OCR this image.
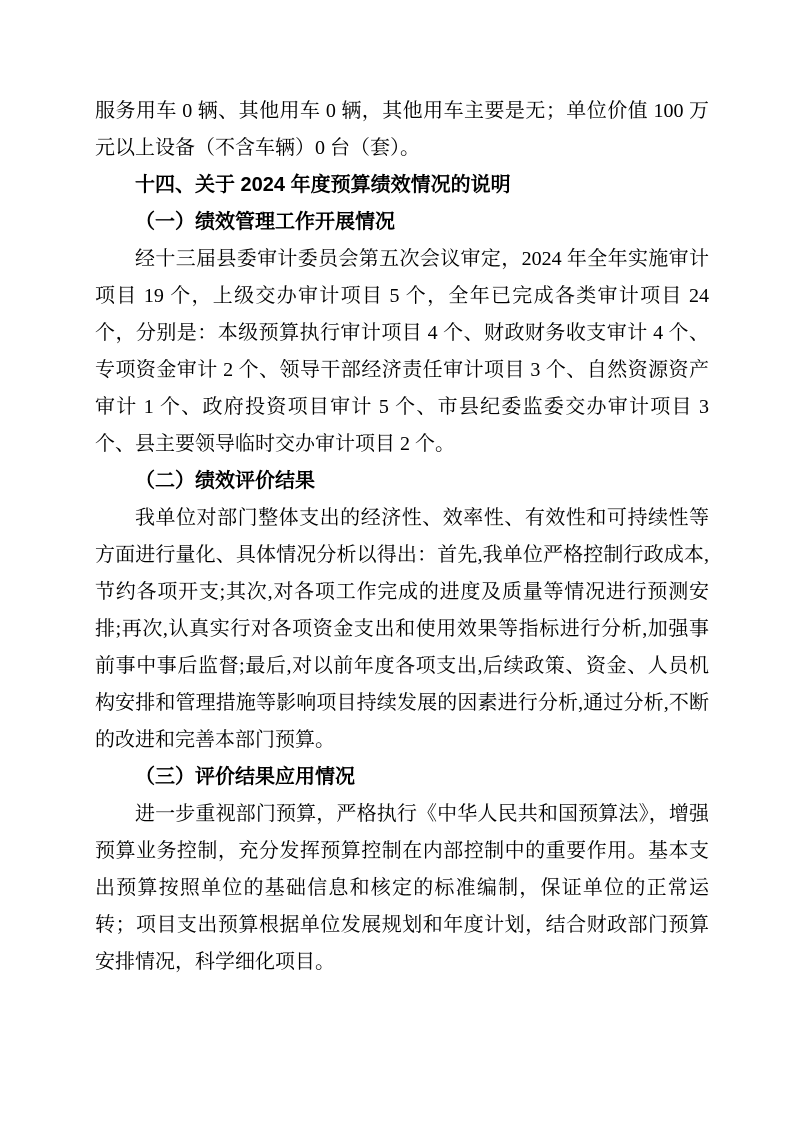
服务用车 0 辆、其他用车 0 辆，其他用车主要是无；单位价值 100 万元以上设备（不含车辆）0 台（套）。

十四、关于 2024 年度预算绩效情况的说明

（一）绩效管理工作开展情况

经十三届县委审计委员会第五次会议审定，2024 年全年实施审计项目 19 个，上级交办审计项目 5 个，全年已完成各类审计项目 24 个，分别是：本级预算执行审计项目 4 个、财政财务收支审计 4 个、专项资金审计 2 个、领导干部经济责任审计项目 3 个、自然资源资产审计 1 个、政府投资项目审计 5 个、市县纪委监委交办审计项目 3 个、县主要领导临时交办审计项目 2 个。

（二）绩效评价结果

我单位对部门整体支出的经济性、效率性、有效性和可持续性等方面进行量化、具体情况分析以得出：首先,我单位严格控制行政成本,节约各项开支;其次,对各项工作完成的进度及质量等情况进行预测安排;再次,认真实行对各项资金支出和使用效果等指标进行分析,加强事前事中事后监督;最后,对以前年度各项支出,后续政策、资金、人员机构安排和管理措施等影响项目持续发展的因素进行分析,通过分析,不断的改进和完善本部门预算。

（三）评价结果应用情况

进一步重视部门预算，严格执行《中华人民共和国预算法》，增强预算业务控制，充分发挥预算控制在内部控制中的重要作用。基本支出预算按照单位的基础信息和核定的标准编制，保证单位的正常运转；项目支出预算根据单位发展规划和年度计划，结合财政部门预算安排情况，科学细化项目。
